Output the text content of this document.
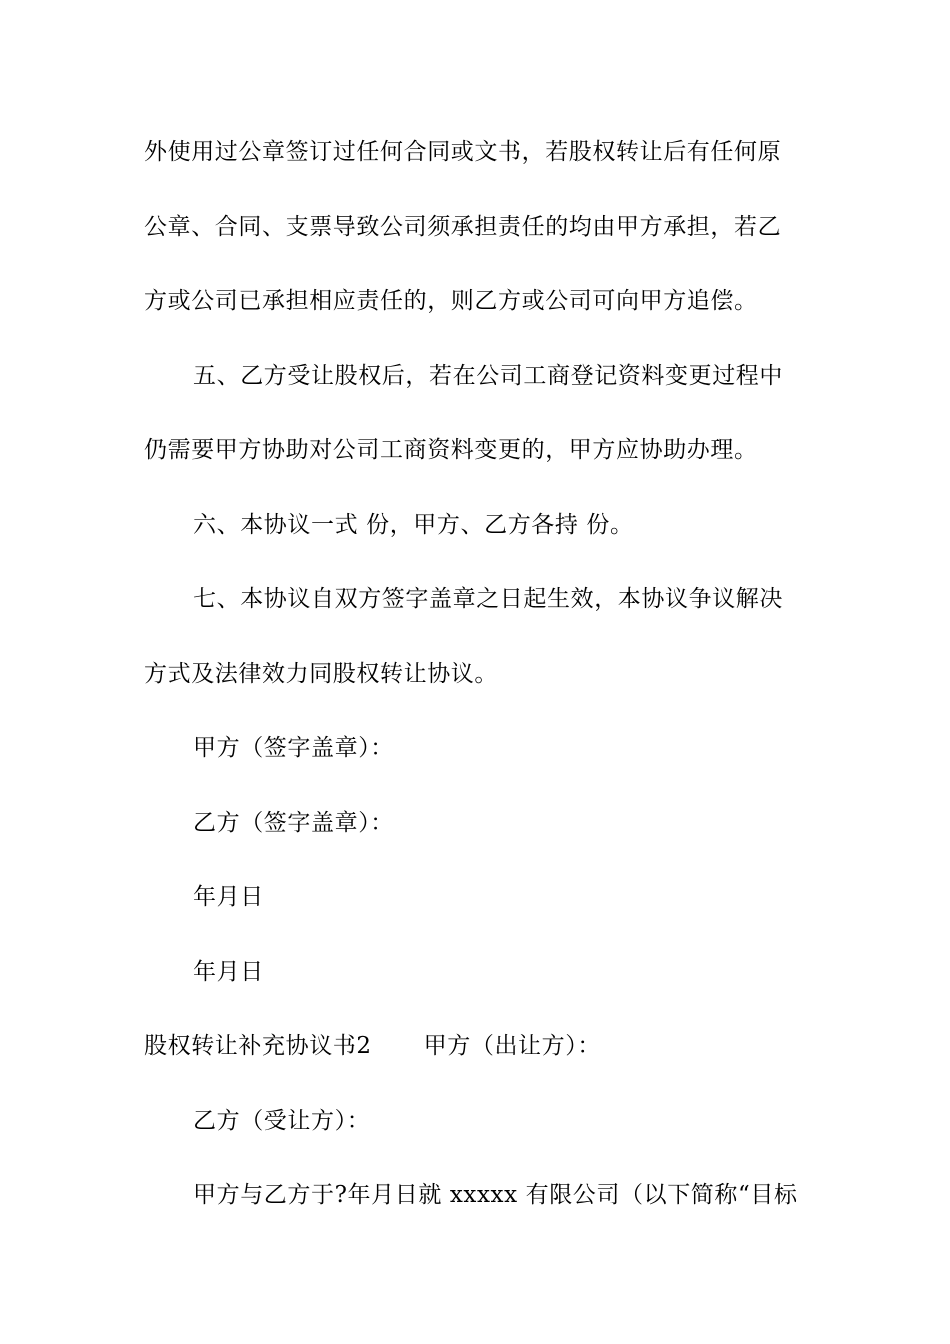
外使用过公章签订过任何合同或文书，若股权转让后有任何原
公章、合同、支票导致公司须承担责任的均由甲方承担，若乙
方或公司已承担相应责任的，则乙方或公司可向甲方追偿。
五、乙方受让股权后，若在公司工商登记资料变更过程中
仍需要甲方协助对公司工商资料变更的，甲方应协助办理。
六、本协议一式 份，甲方、乙方各持 份。
七、本协议自双方签字盖章之日起生效，本协议争议解决
方式及法律效力同股权转让协议。
甲方（签字盖章）：
乙方（签字盖章）：
年月日
年月日
股权转让补充协议书2 甲方（出让方）：
乙方（受让方）：
甲方与乙方于?年月日就 xxxxx 有限公司（以下简称“目标
